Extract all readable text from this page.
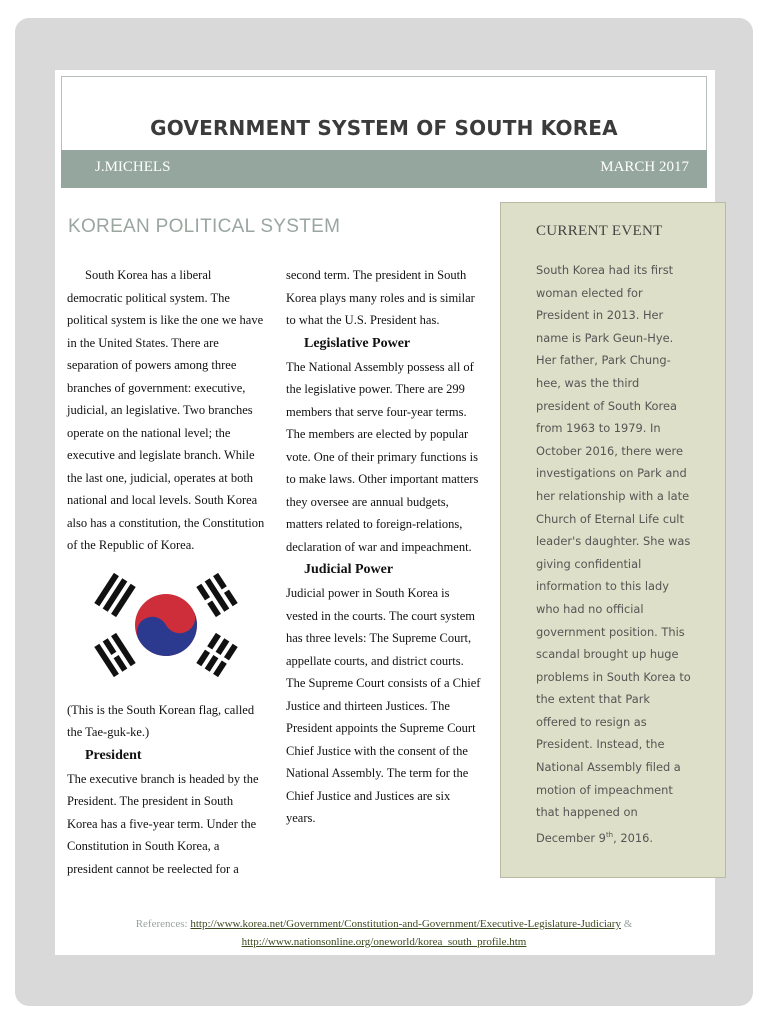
GOVERNMENT SYSTEM OF SOUTH KOREA
J.MICHELS	MARCH 2017
KOREAN POLITICAL SYSTEM

South Korea has a liberal democratic political system. The political system is like the one we have in the United States. There are separation of powers among three branches of government: executive, judicial, an legislative. Two branches operate on the national level; the executive and legislate branch. While the last one, judicial, operates at both national and local levels. South Korea also has a constitution, the Constitution of the Republic of Korea.

(This is the South Korean flag, called the Tae-guk-ke.)

President

The executive branch is headed by the President. The president in South Korea has a five-year term. Under the Constitution in South Korea, a president cannot be reelected for a

second term. The president in South Korea plays many roles and is similar to what the U.S. President has.

Legislative Power

The National Assembly possess all of the legislative power. There are 299 members that serve four-year terms. The members are elected by popular vote. One of their primary functions is to make laws. Other important matters they oversee are annual budgets, matters related to foreign-relations, declaration of war and impeachment.

Judicial Power

Judicial power in South Korea is vested in the courts. The court system has three levels: The Supreme Court, appellate courts, and district courts. The Supreme Court consists of a Chief Justice and thirteen Justices. The President appoints the Supreme Court Chief Justice with the consent of the National Assembly. The term for the Chief Justice and Justices are six years.

CURRENT EVENT

South Korea had its first woman elected for President in 2013. Her name is Park Geun-Hye. Her father, Park Chung-hee, was the third president of South Korea from 1963 to 1979. In October 2016, there were investigations on Park and her relationship with a late Church of Eternal Life cult leader's daughter. She was giving confidential information to this lady who had no official government position. This scandal brought up huge problems in South Korea to the extent that Park offered to resign as President. Instead, the National Assembly filed a motion of impeachment that happened on December 9th, 2016.

References: http://www.korea.net/Government/Constitution-and-Government/Executive-Legislature-Judiciary &
http://www.nationsonline.org/oneworld/korea_south_profile.htm
